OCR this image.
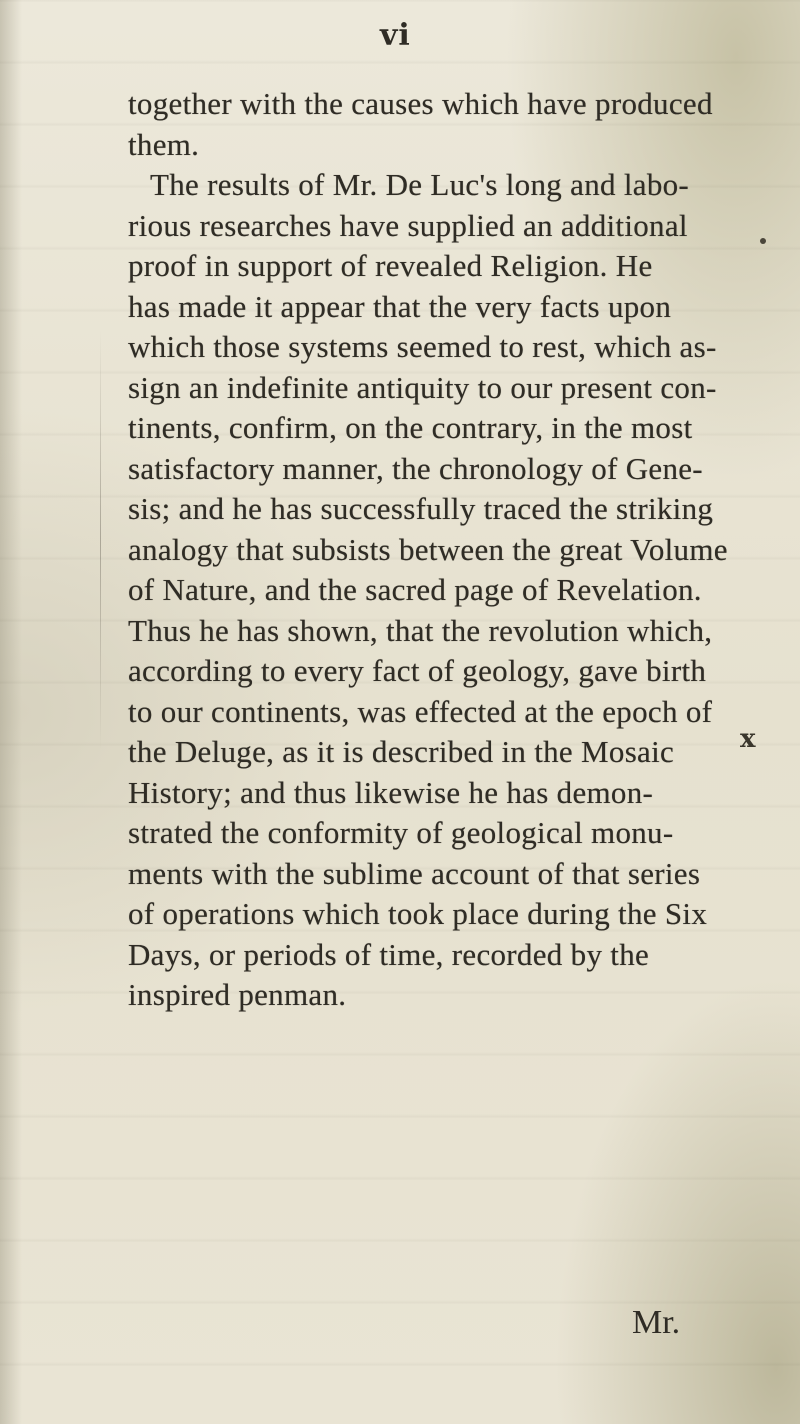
vi
together with the causes which have produced
them.
The results of Mr. De Luc's long and labo-
rious researches have supplied an additional
proof in support of revealed Religion. He
has made it appear that the very facts upon
which those systems seemed to rest, which as-
sign an indefinite antiquity to our present con-
tinents, confirm, on the contrary, in the most
satisfactory manner, the chronology of Gene-
sis; and he has successfully traced the striking
analogy that subsists between the great Volume
of Nature, and the sacred page of Revelation.
Thus he has shown, that the revolution which,
according to every fact of geology, gave birth
to our continents, was effected at the epoch of
the Deluge, as it is described in the Mosaic
History; and thus likewise he has demon-
strated the conformity of geological monu-
ments with the sublime account of that series
of operations which took place during the Six
Days, or periods of time, recorded by the
inspired penman.
x
Mr.
